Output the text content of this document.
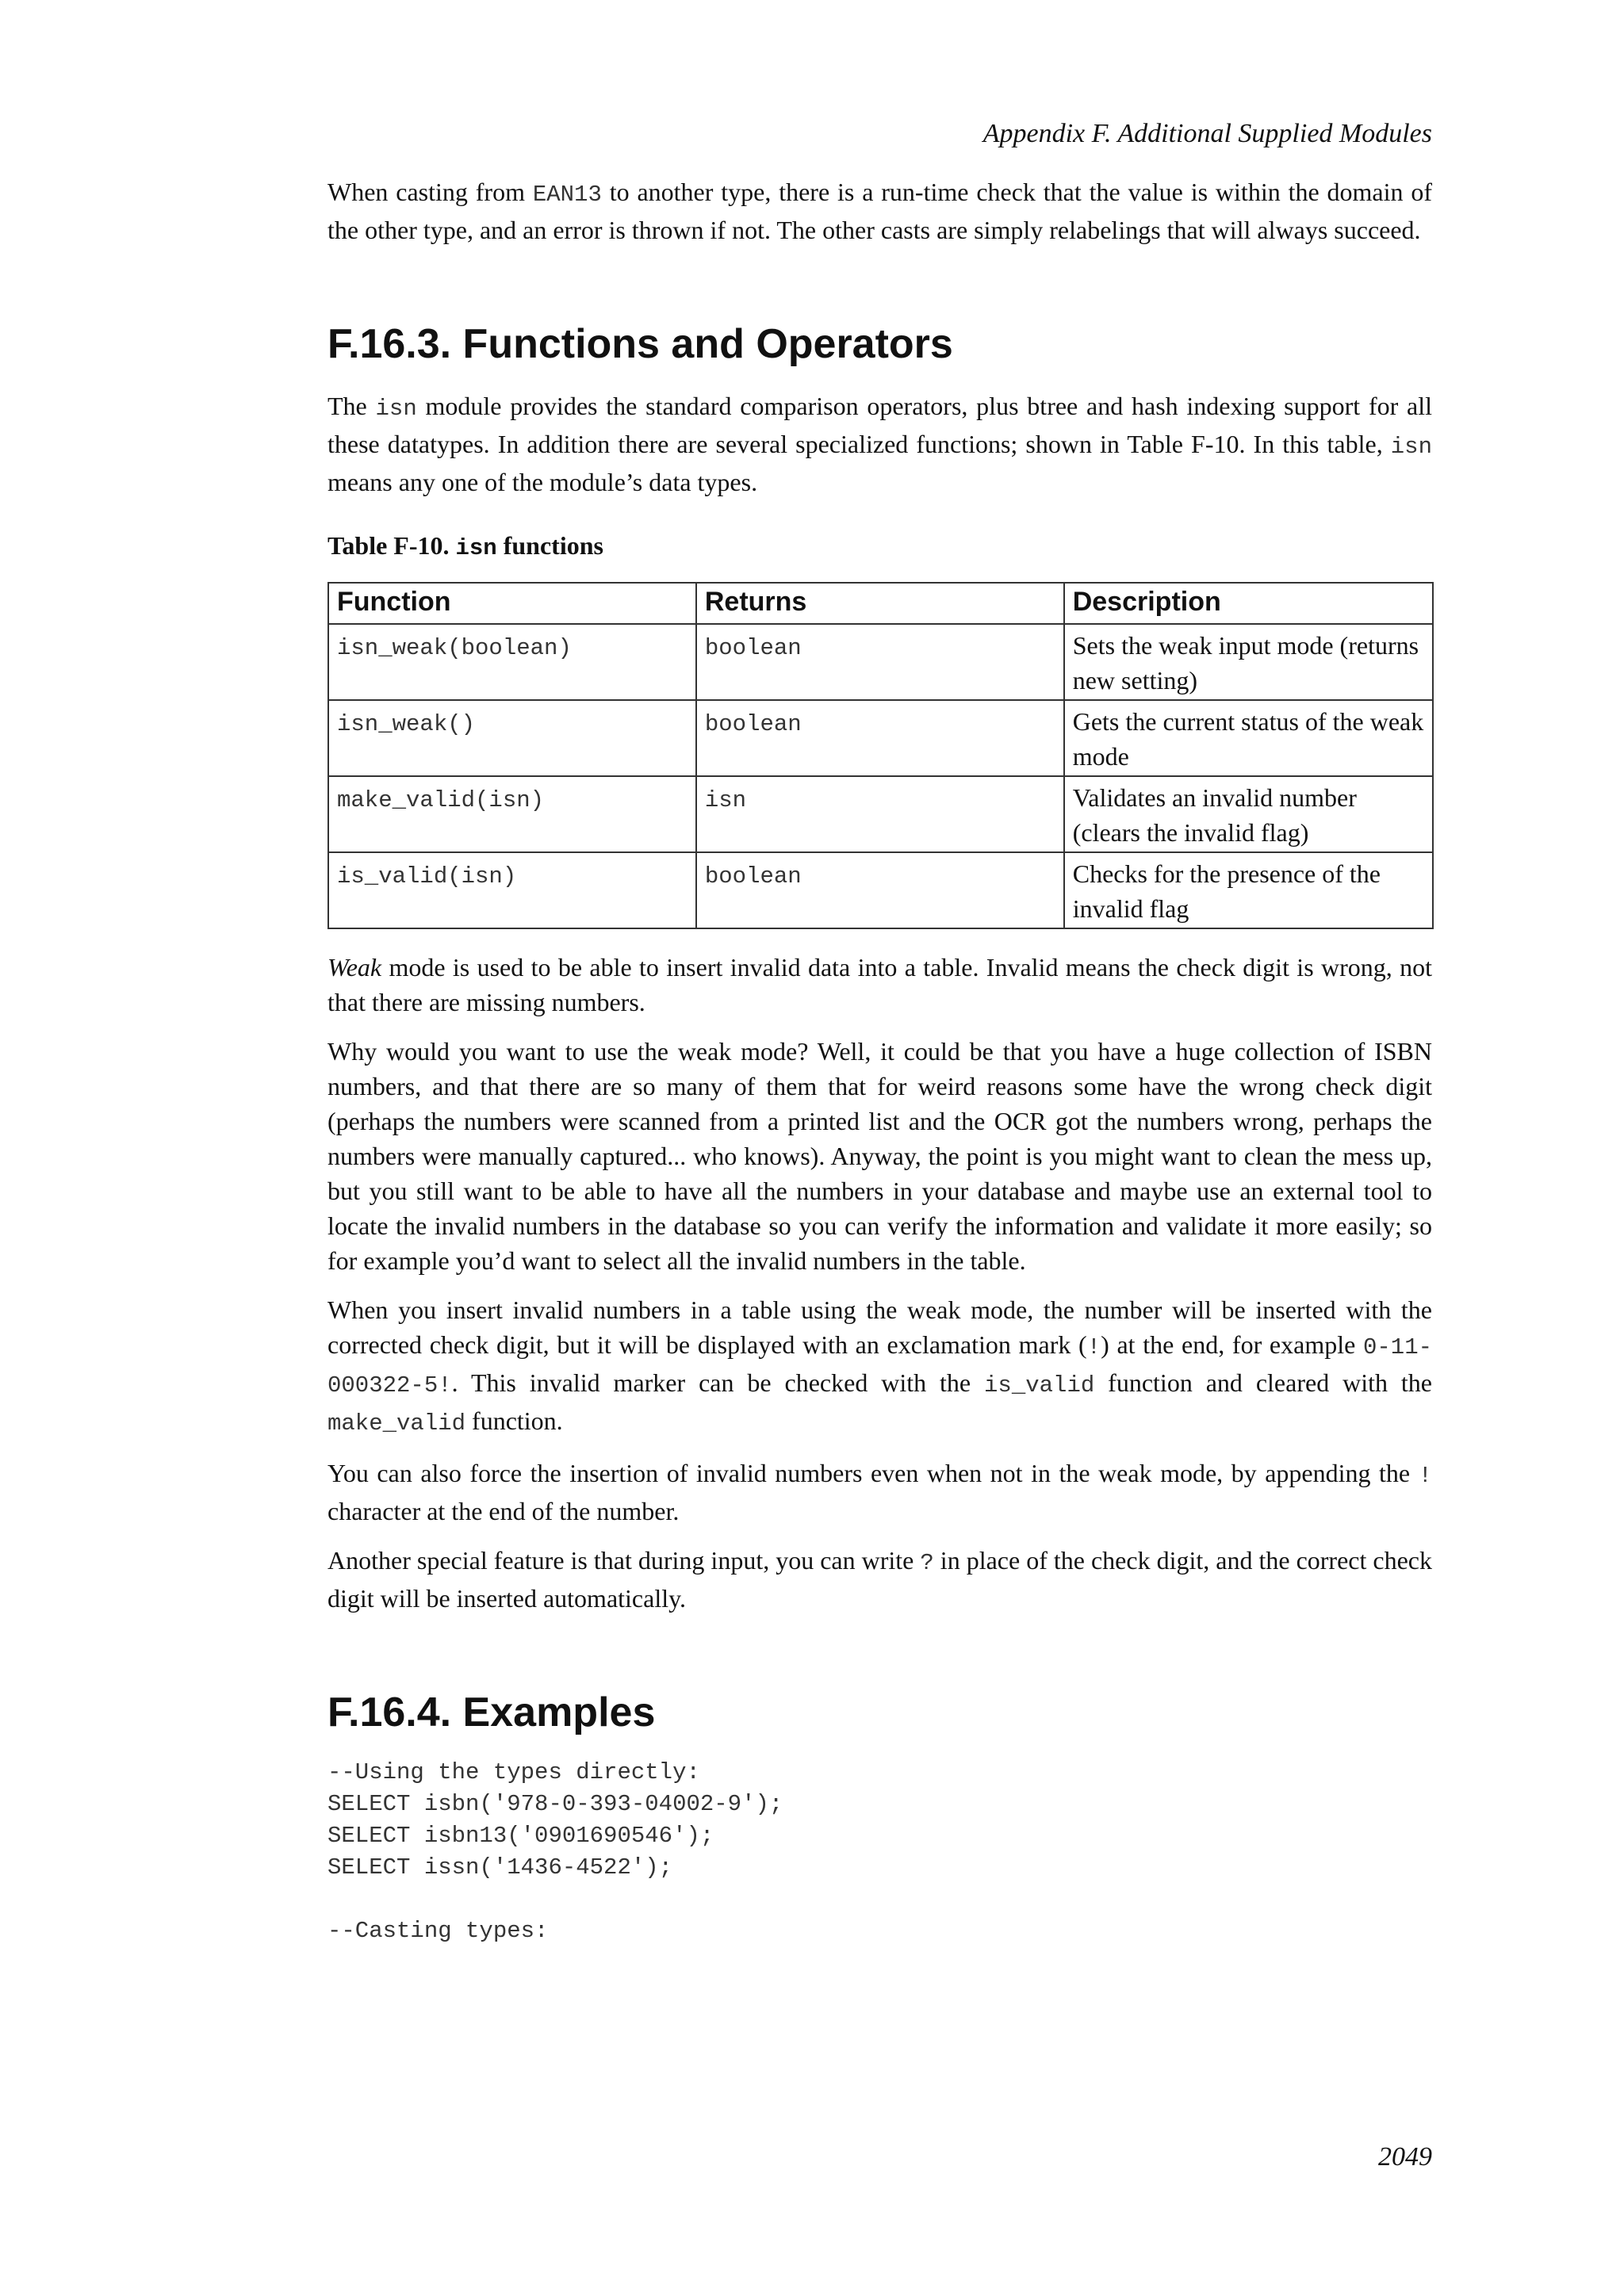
Appendix F. Additional Supplied Modules

When casting from EAN13 to another type, there is a run-time check that the value is within the domain of the other type, and an error is thrown if not. The other casts are simply relabelings that will always succeed.

F.16.3. Functions and Operators

The isn module provides the standard comparison operators, plus btree and hash indexing support for all these datatypes. In addition there are several specialized functions; shown in Table F-10. In this table, isn means any one of the module’s data types.

Table F-10. isn functions
Function	Returns	Description
isn_weak(boolean)	boolean	Sets the weak input mode (returns new setting)
isn_weak()	boolean	Gets the current status of the weak mode
make_valid(isn)	isn	Validates an invalid number (clears the invalid flag)
is_valid(isn)	boolean	Checks for the presence of the invalid flag

Weak mode is used to be able to insert invalid data into a table. Invalid means the check digit is wrong, not that there are missing numbers.

Why would you want to use the weak mode? Well, it could be that you have a huge collection of ISBN numbers, and that there are so many of them that for weird reasons some have the wrong check digit (perhaps the numbers were scanned from a printed list and the OCR got the numbers wrong, perhaps the numbers were manually captured... who knows). Anyway, the point is you might want to clean the mess up, but you still want to be able to have all the numbers in your database and maybe use an external tool to locate the invalid numbers in the database so you can verify the information and validate it more easily; so for example you’d want to select all the invalid numbers in the table.

When you insert invalid numbers in a table using the weak mode, the number will be inserted with the corrected check digit, but it will be displayed with an exclamation mark (!) at the end, for example 0-11-000322-5!. This invalid marker can be checked with the is_valid function and cleared with the make_valid function.

You can also force the insertion of invalid numbers even when not in the weak mode, by appending the ! character at the end of the number.

Another special feature is that during input, you can write ? in place of the check digit, and the correct check digit will be inserted automatically.

F.16.4. Examples
--Using the types directly:
SELECT isbn('978-0-393-04002-9');
SELECT isbn13('0901690546');
SELECT issn('1436-4522');

--Casting types:
2049
